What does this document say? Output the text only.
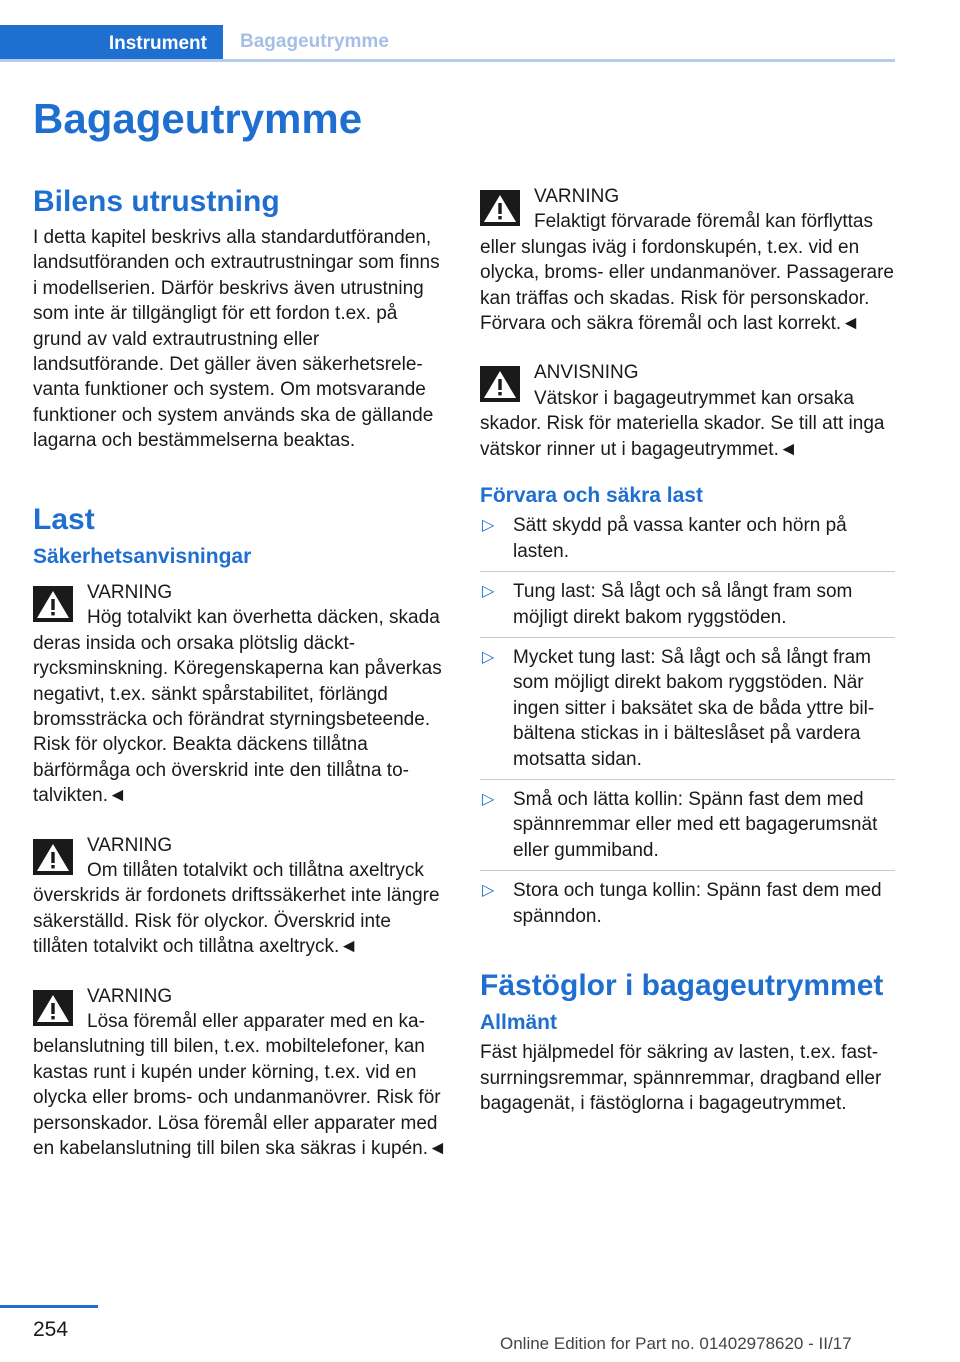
Instrument	Bagageutrymme
Bagageutrymme
Bilens utrustning

I detta kapitel beskrivs alla standardutföranden, landsutföranden och extrautrustningar som finns i modellserien. Därför beskrivs även utrustning som inte är tillgängligt för ett fordon t.ex. på grund av vald extrautrustning eller landsutförande. Det gäller även säkerhetsrelevanta funktioner och system. Om motsvarande funktioner och system används ska de gällande lagarna och bestämmelserna beaktas.

Last
Säkerhetsanvisningar
VARNING
Hög totalvikt kan överhetta däcken, skada deras insida och orsaka plötslig däcktrycksminskning. Köregenskaperna kan påverkas negativt, t.ex. sänkt spårstabilitet, förlängd bromssträcka och förändrat styrningsbeteende. Risk för olyckor. Beakta däckens tillåtna bärförmåga och överskrid inte den tillåtna totalvikten.◄
VARNING
Om tillåten totalvikt och tillåtna axeltryck överskrids är fordonets driftssäkerhet inte längre säkerställd. Risk för olyckor. Överskrid inte tillåten totalvikt och tillåtna axeltryck.◄
VARNING
Lösa föremål eller apparater med en kabelanslutning till bilen, t.ex. mobiltelefoner, kan kastas runt i kupén under körning, t.ex. vid en olycka eller broms- och undanmanövrer. Risk för personskador. Lösa föremål eller apparater med en kabelanslutning till bilen ska säkras i kupén.◄
VARNING
Felaktigt förvarade föremål kan förflyttas eller slungas iväg i fordonskupén, t.ex. vid en olycka, broms- eller undanmanöver. Passagerare kan träffas och skadas. Risk för personskador. Förvara och säkra föremål och last korrekt.◄
ANVISNING
Vätskor i bagageutrymmet kan orsaka skador. Risk för materiella skador. Se till att inga vätskor rinner ut i bagageutrymmet.◄
Förvara och säkra last
▷ Sätt skydd på vassa kanter och hörn på lasten.
▷ Tung last: Så lågt och så långt fram som möjligt direkt bakom ryggstöden.
▷ Mycket tung last: Så lågt och så långt fram som möjligt direkt bakom ryggstöden. När ingen sitter i baksätet ska de båda yttre bilbältena stickas in i bälteslåset på vardera motsatta sidan.
▷ Små och lätta kollin: Spänn fast dem med spännremmar eller med ett bagagerumsnät eller gummiband.
▷ Stora och tunga kollin: Spänn fast dem med spänndon.
Fästöglor i bagageutrymmet
Allmänt

Fäst hjälpmedel för säkring av lasten, t.ex. fastsurrningsremmar, spännremmar, dragband eller bagagenät, i fästöglorna i bagageutrymmet.

254
Online Edition for Part no. 01402978620 - II/17
